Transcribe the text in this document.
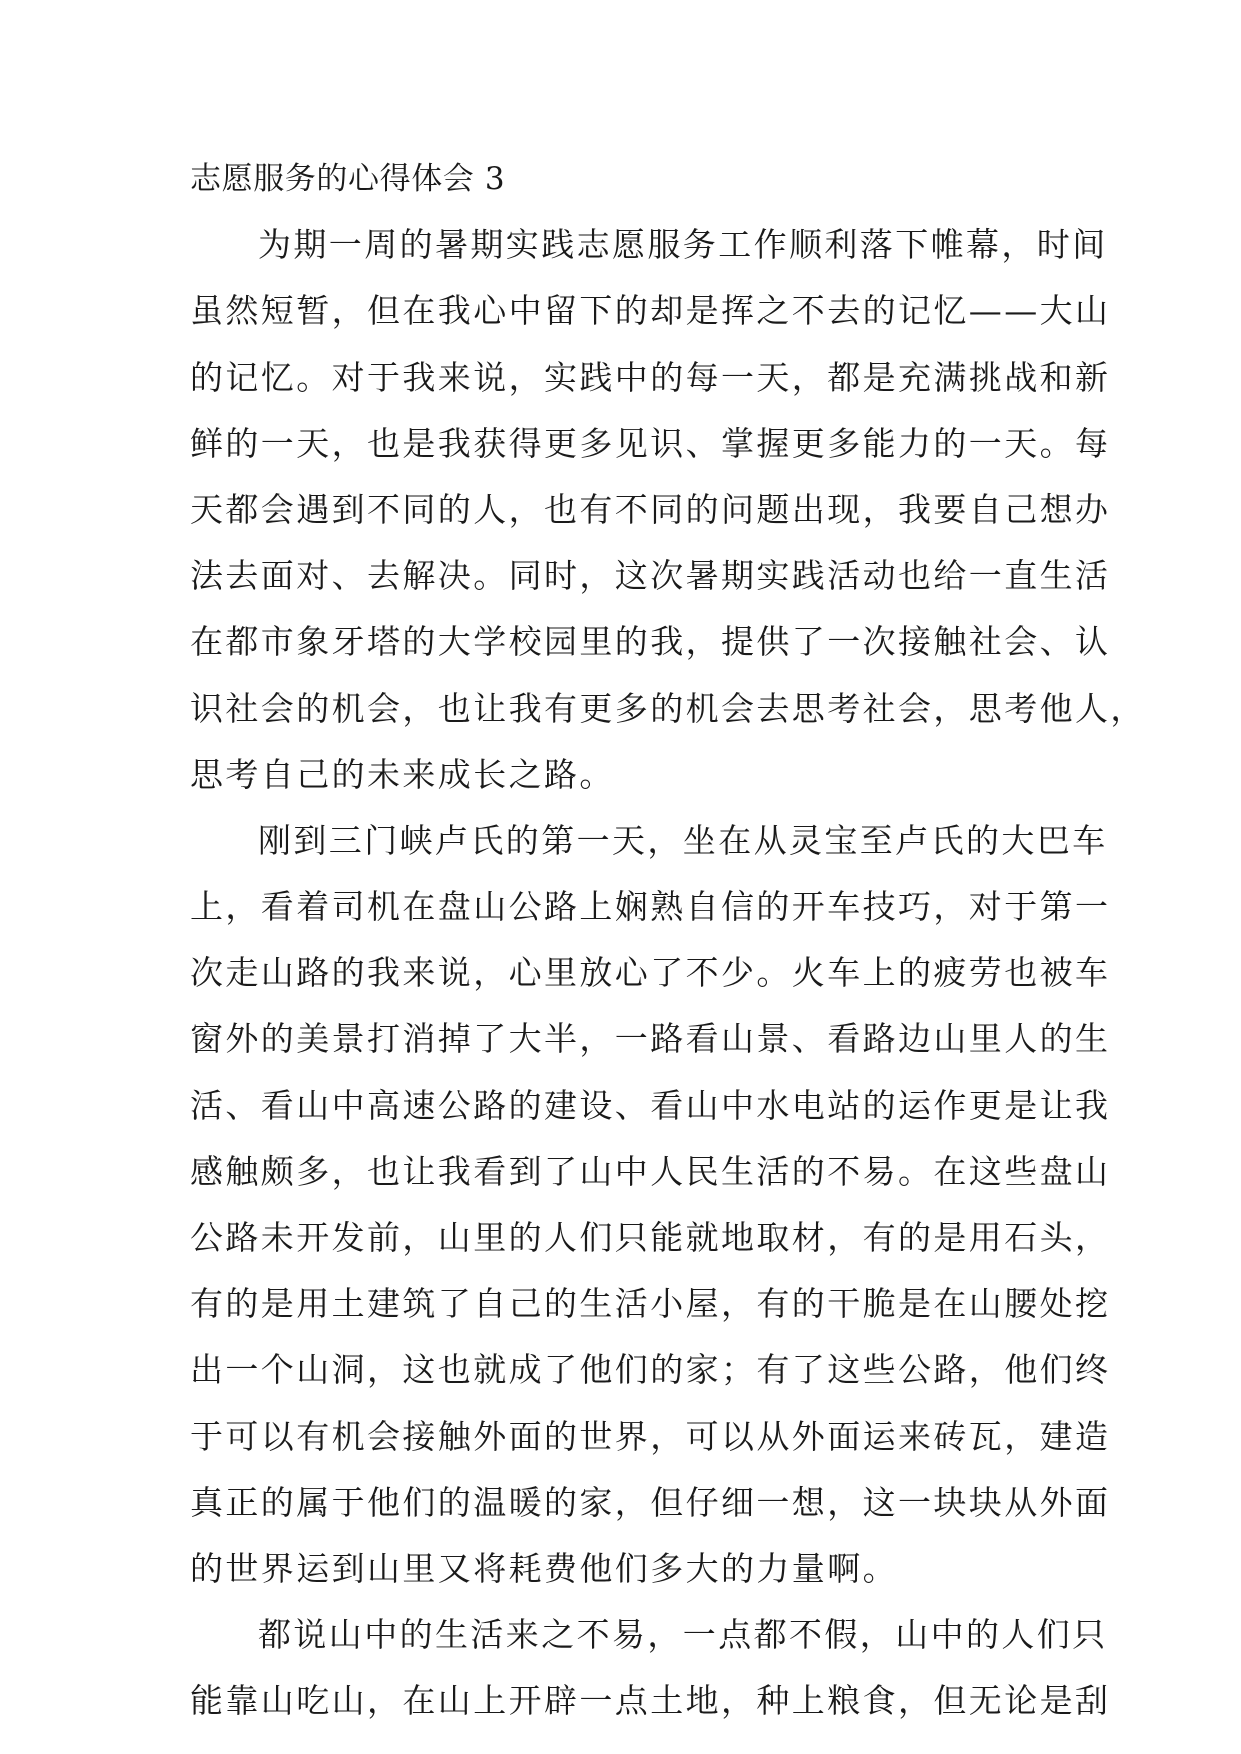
志愿服务的心得体会 3
为期一周的暑期实践志愿服务工作顺利落下帷幕，时间
虽然短暂，但在我心中留下的却是挥之不去的记忆——大山
的记忆。对于我来说，实践中的每一天，都是充满挑战和新
鲜的一天，也是我获得更多见识、掌握更多能力的一天。每
天都会遇到不同的人，也有不同的问题出现，我要自己想办
法去面对、去解决。同时，这次暑期实践活动也给一直生活
在都市象牙塔的大学校园里的我，提供了一次接触社会、认
识社会的机会，也让我有更多的机会去思考社会，思考他人，
思考自己的未来成长之路。
刚到三门峡卢氏的第一天，坐在从灵宝至卢氏的大巴车
上，看着司机在盘山公路上娴熟自信的开车技巧，对于第一
次走山路的我来说，心里放心了不少。火车上的疲劳也被车
窗外的美景打消掉了大半，一路看山景、看路边山里人的生
活、看山中高速公路的建设、看山中水电站的运作更是让我
感触颇多，也让我看到了山中人民生活的不易。在这些盘山
公路未开发前，山里的人们只能就地取材，有的是用石头，
有的是用土建筑了自己的生活小屋，有的干脆是在山腰处挖
出一个山洞，这也就成了他们的家；有了这些公路，他们终
于可以有机会接触外面的世界，可以从外面运来砖瓦，建造
真正的属于他们的温暖的家，但仔细一想，这一块块从外面
的世界运到山里又将耗费他们多大的力量啊。
都说山中的生活来之不易，一点都不假，山中的人们只
能靠山吃山，在山上开辟一点土地，种上粮食，但无论是刮
